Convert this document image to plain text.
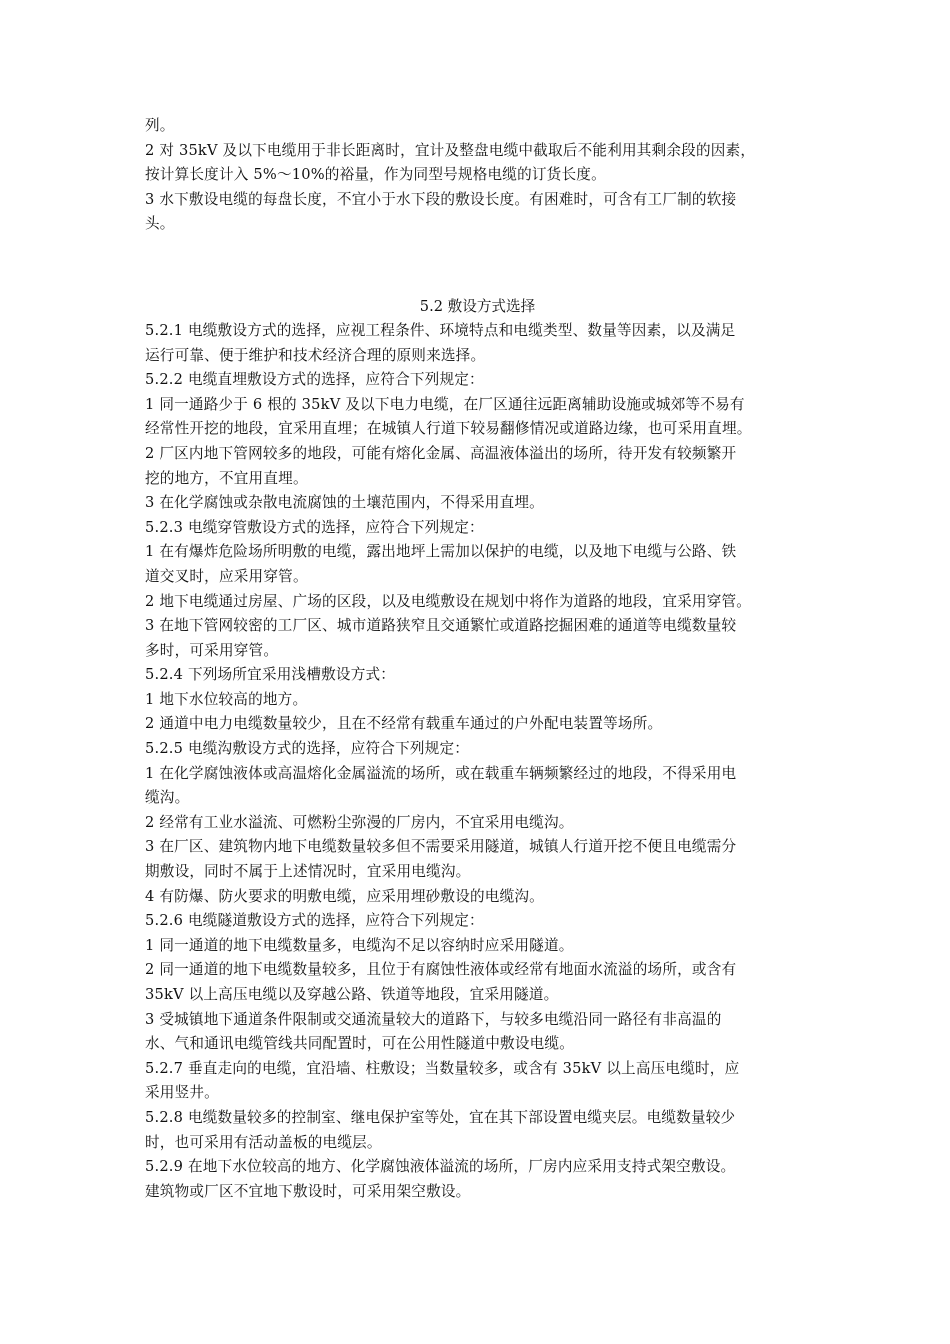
列。
2 对 35kV 及以下电缆用于非长距离时，宜计及整盘电缆中截取后不能利用其剩余段的因素，
按计算长度计入 5%～10%的裕量，作为同型号规格电缆的订货长度。
3 水下敷设电缆的每盘长度，不宜小于水下段的敷设长度。有困难时，可含有工厂制的软接
头。
5.2 敷设方式选择
5.2.1 电缆敷设方式的选择，应视工程条件、环境特点和电缆类型、数量等因素，以及满足
运行可靠、便于维护和技术经济合理的原则来选择。
5.2.2 电缆直埋敷设方式的选择，应符合下列规定：
1 同一通路少于 6 根的 35kV 及以下电力电缆，在厂区通往远距离辅助设施或城郊等不易有
经常性开挖的地段，宜采用直埋；在城镇人行道下较易翻修情况或道路边缘，也可采用直埋。
2 厂区内地下管网较多的地段，可能有熔化金属、高温液体溢出的场所，待开发有较频繁开
挖的地方，不宜用直埋。
3 在化学腐蚀或杂散电流腐蚀的土壤范围内，不得采用直埋。
5.2.3 电缆穿管敷设方式的选择，应符合下列规定：
1 在有爆炸危险场所明敷的电缆，露出地坪上需加以保护的电缆，以及地下电缆与公路、铁
道交叉时，应采用穿管。
2 地下电缆通过房屋、广场的区段，以及电缆敷设在规划中将作为道路的地段，宜采用穿管。
3 在地下管网较密的工厂区、城市道路狭窄且交通繁忙或道路挖掘困难的通道等电缆数量较
多时，可采用穿管。
5.2.4 下列场所宜采用浅槽敷设方式：
1 地下水位较高的地方。
2 通道中电力电缆数量较少，且在不经常有载重车通过的户外配电装置等场所。
5.2.5 电缆沟敷设方式的选择，应符合下列规定：
1 在化学腐蚀液体或高温熔化金属溢流的场所，或在载重车辆频繁经过的地段，不得采用电
缆沟。
2 经常有工业水溢流、可燃粉尘弥漫的厂房内，不宜采用电缆沟。
3 在厂区、建筑物内地下电缆数量较多但不需要采用隧道，城镇人行道开挖不便且电缆需分
期敷设，同时不属于上述情况时，宜采用电缆沟。
4 有防爆、防火要求的明敷电缆，应采用埋砂敷设的电缆沟。
5.2.6 电缆隧道敷设方式的选择，应符合下列规定：
1 同一通道的地下电缆数量多，电缆沟不足以容纳时应采用隧道。
2 同一通道的地下电缆数量较多，且位于有腐蚀性液体或经常有地面水流溢的场所，或含有
35kV 以上高压电缆以及穿越公路、铁道等地段，宜采用隧道。
3 受城镇地下通道条件限制或交通流量较大的道路下，与较多电缆沿同一路径有非高温的
水、气和通讯电缆管线共同配置时，可在公用性隧道中敷设电缆。
5.2.7 垂直走向的电缆，宜沿墙、柱敷设；当数量较多，或含有 35kV 以上高压电缆时，应
采用竖井。
5.2.8 电缆数量较多的控制室、继电保护室等处，宜在其下部设置电缆夹层。电缆数量较少
时，也可采用有活动盖板的电缆层。
5.2.9 在地下水位较高的地方、化学腐蚀液体溢流的场所，厂房内应采用支持式架空敷设。
建筑物或厂区不宜地下敷设时，可采用架空敷设。
